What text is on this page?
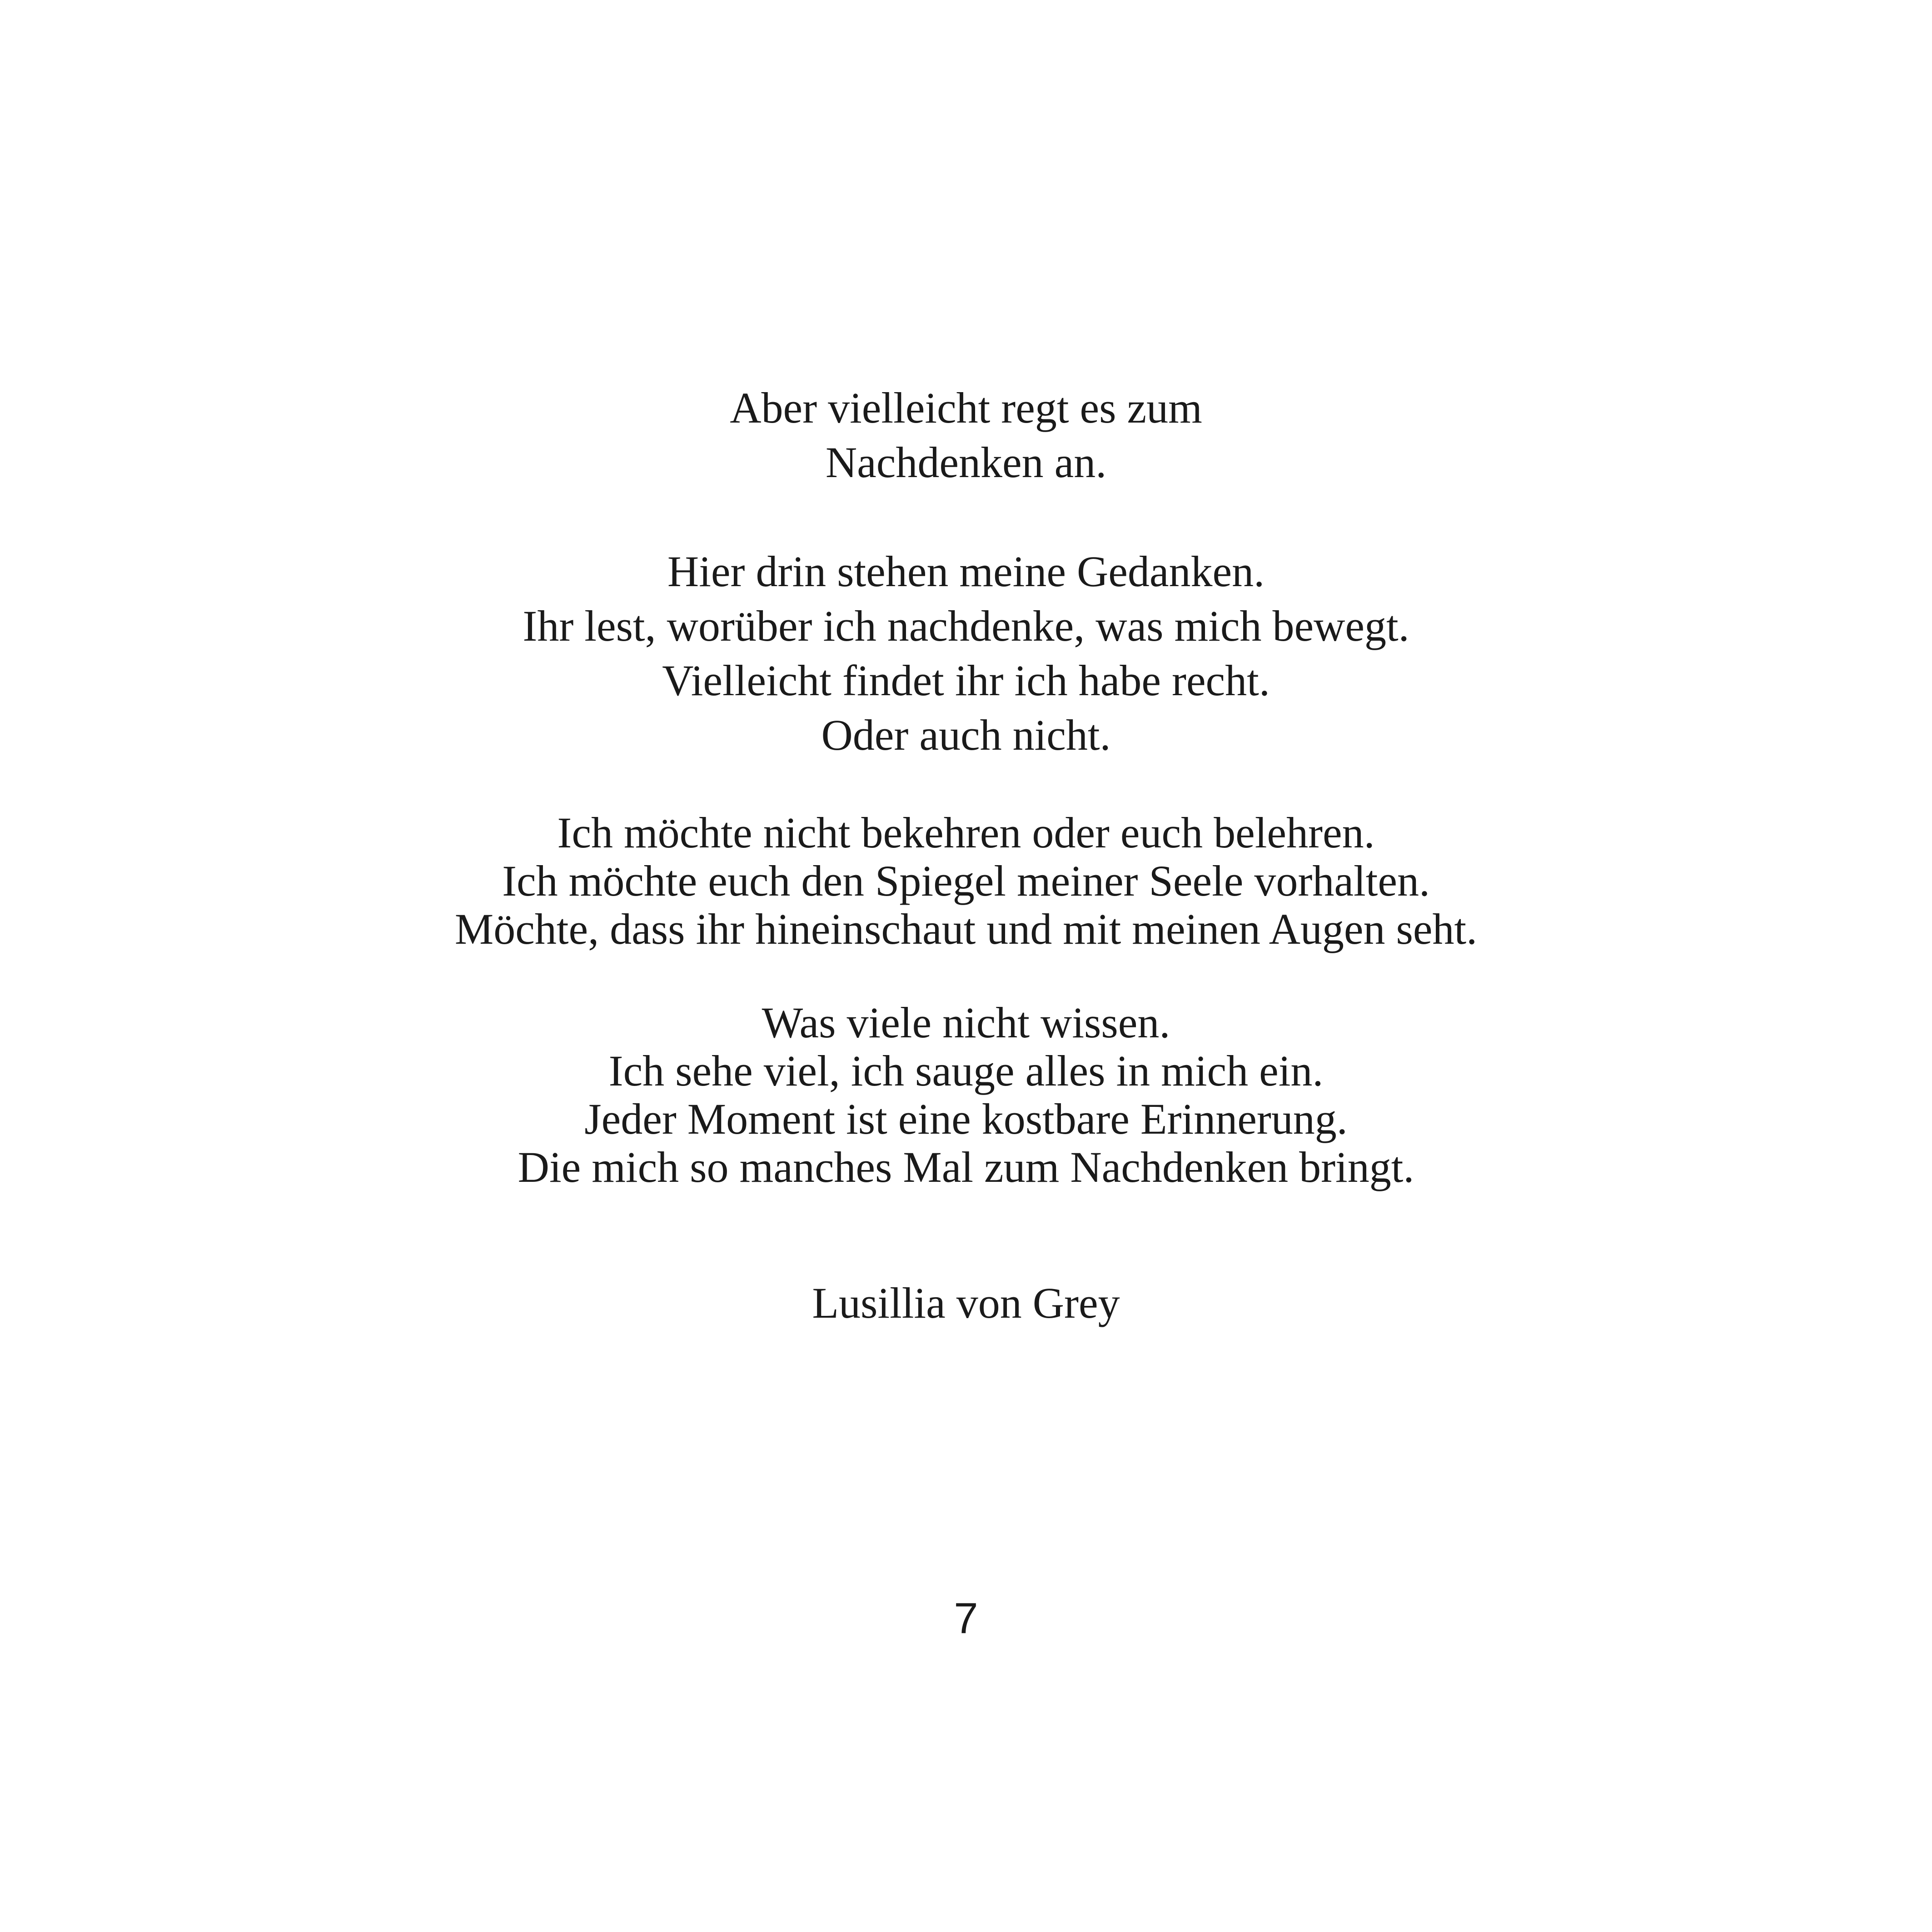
Aber vielleicht regt es zum
Nachdenken an.
Hier drin stehen meine Gedanken.
Ihr lest, worüber ich nachdenke, was mich bewegt.
Vielleicht findet ihr ich habe recht.
Oder auch nicht.
Ich möchte nicht bekehren oder euch belehren.
Ich möchte euch den Spiegel meiner Seele vorhalten.
Möchte, dass ihr hineinschaut und mit meinen Augen seht.
Was viele nicht wissen.
Ich sehe viel, ich sauge alles in mich ein.
Jeder Moment ist eine kostbare Erinnerung.
Die mich so manches Mal zum Nachdenken bringt.

Lusillia von Grey

7
